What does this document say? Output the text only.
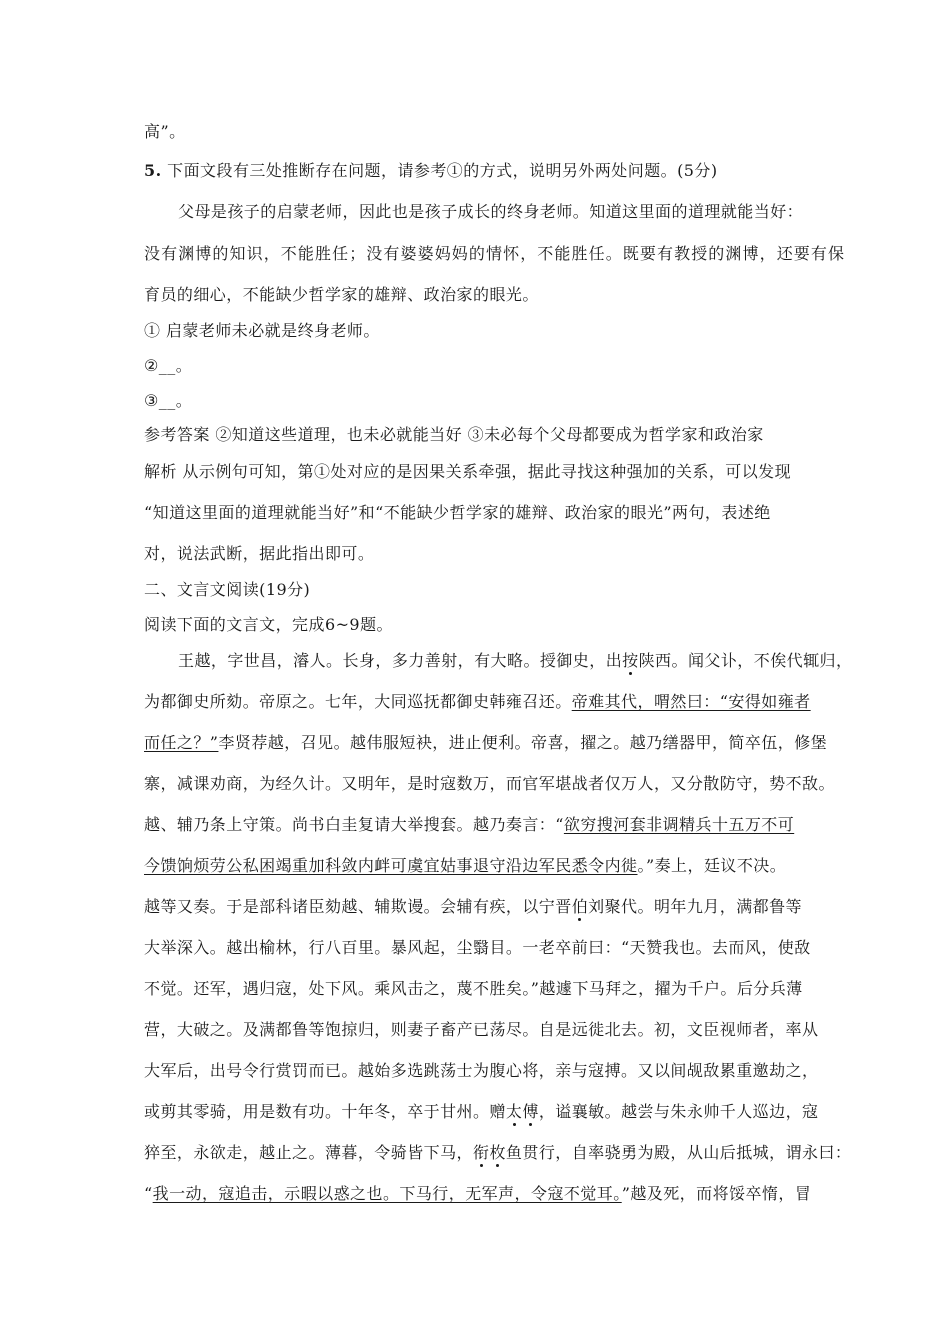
高”。
5. 下面文段有三处推断存在问题，请参考①的方式，说明另外两处问题。(5分)
父母是孩子的启蒙老师，因此也是孩子成长的终身老师。知道这里面的道理就能当好：
没有渊博的知识，不能胜任；没有婆婆妈妈的情怀，不能胜任。既要有教授的渊博，还要有保
育员的细心，不能缺少哲学家的雄辩、政治家的眼光。
① 启蒙老师未必就是终身老师。
②__。
③__。
参考答案 ②知道这些道理，也未必就能当好 ③未必每个父母都要成为哲学家和政治家
解析 从示例句可知，第①处对应的是因果关系牵强，据此寻找这种强加的关系，可以发现
“知道这里面的道理就能当好”和“不能缺少哲学家的雄辩、政治家的眼光”两句，表述绝
对，说法武断，据此指出即可。
二、文言文阅读(19分)
阅读下面的文言文，完成6~9题。
王越，字世昌，濬人。长身，多力善射，有大略。授御史，出按陕西。闻父讣，不俟代辄归，
为都御史所劾。帝原之。七年，大同巡抚都御史韩雍召还。帝难其代，喟然曰：“安得如雍者
而任之？”李贤荐越，召见。越伟服短袂，进止便利。帝喜，擢之。越乃缮器甲，简卒伍，修堡
寨，减课劝商，为经久计。又明年，是时寇数万，而官军堪战者仅万人，又分散防守，势不敌。
越、辅乃条上守策。尚书白圭复请大举搜套。越乃奏言：“欲穷搜河套非调精兵十五万不可
今馈饷烦劳公私困竭重加科敛内衅可虞宜姑事退守沿边军民悉令内徙。”奏上，廷议不决。
越等又奏。于是部科诸臣劾越、辅欺谩。会辅有疾，以宁晋伯刘聚代。明年九月，满都鲁等
大举深入。越出榆林，行八百里。暴风起，尘翳目。一老卒前曰：“天赞我也。去而风，使敌
不觉。还军，遇归寇，处下风。乘风击之，蔑不胜矣。”越遽下马拜之，擢为千户。后分兵薄
营，大破之。及满都鲁等饱掠归，则妻子畜产已荡尽。自是远徙北去。初，文臣视师者，率从
大军后，出号令行赏罚而已。越始多选跳荡士为腹心将，亲与寇搏。又以间觇敌累重邀劫之，
或剪其零骑，用是数有功。十年冬，卒于甘州。赠太傅，谥襄敏。越尝与朱永帅千人巡边，寇
猝至，永欲走，越止之。薄暮，令骑皆下马，衔枚鱼贯行，自率骁勇为殿，从山后抵城，谓永曰：
“我一动，寇追击，示暇以惑之也。下马行，无军声，令寇不觉耳。”越及死，而将馁卒惰，冒
